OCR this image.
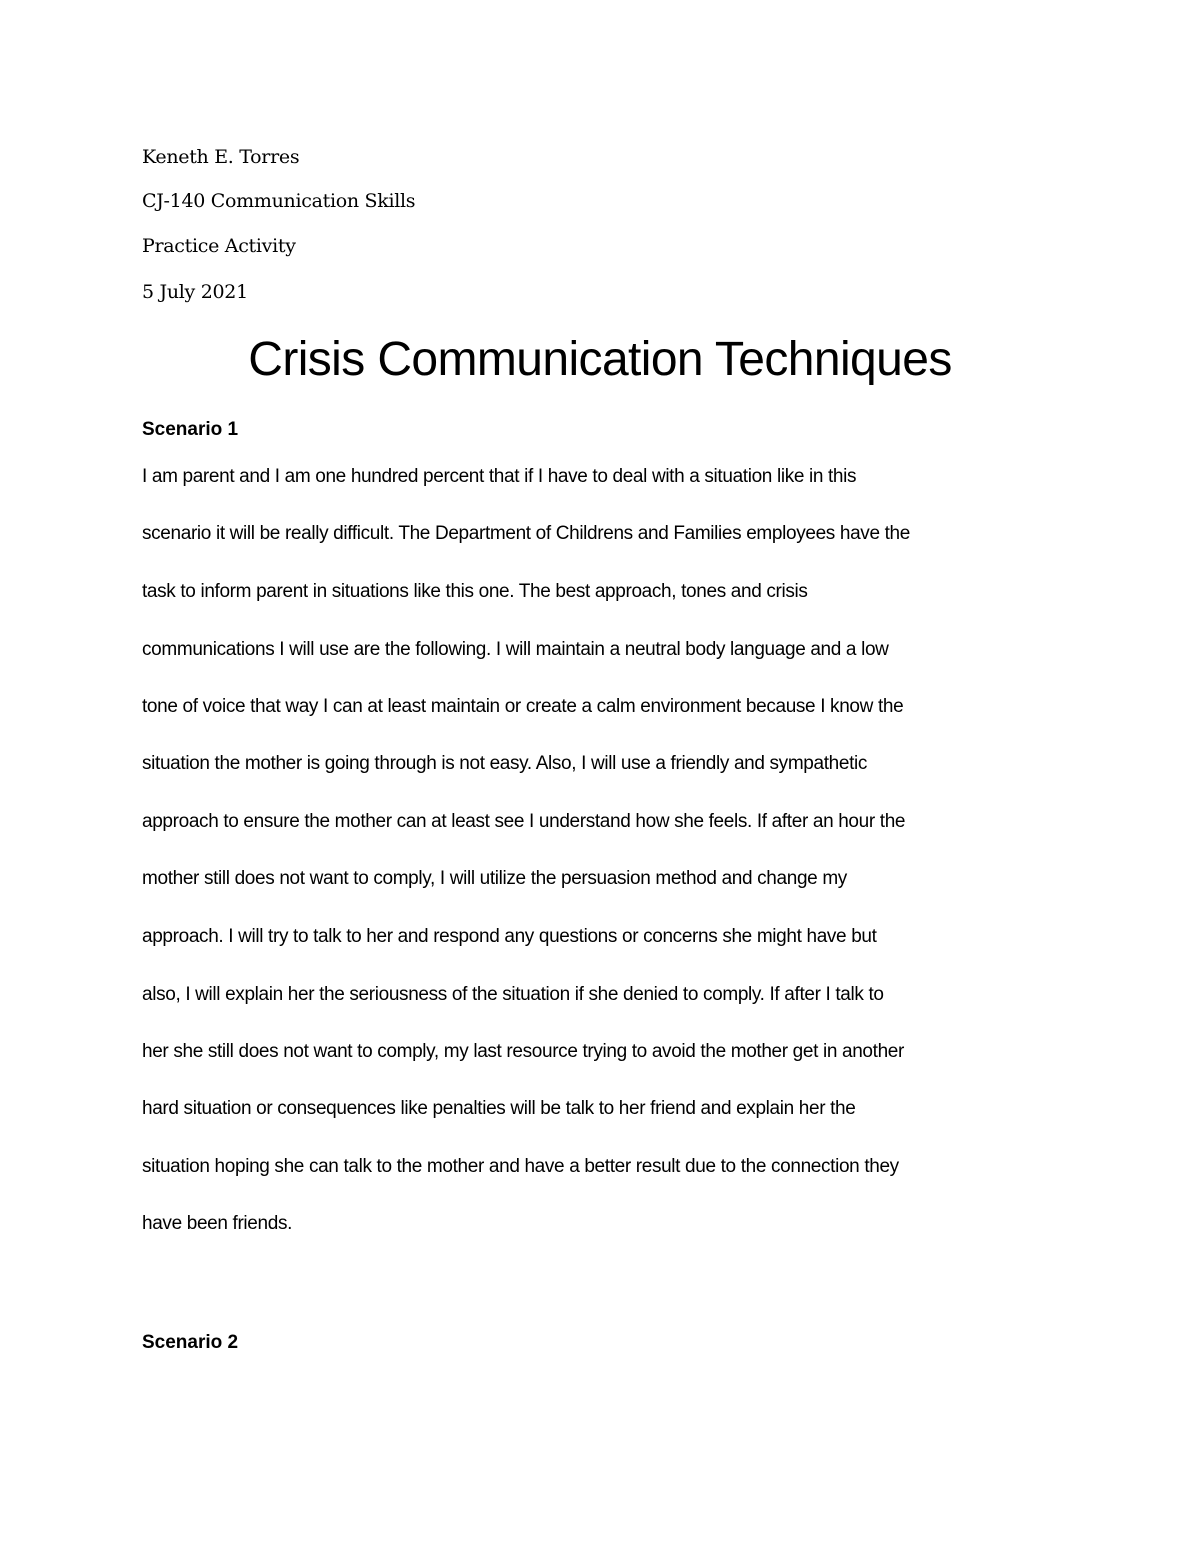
Keneth E. Torres
CJ-140 Communication Skills
Practice Activity
5 July 2021
Crisis Communication Techniques
Scenario 1
I am parent and I am one hundred percent that if I have to deal with a situation like in this
scenario it will be really difficult. The Department of Childrens and Families employees have the
task to inform parent in situations like this one. The best approach, tones and crisis
communications I will use are the following. I will maintain a neutral body language and a low
tone of voice that way I can at least maintain or create a calm environment because I know the
situation the mother is going through is not easy. Also, I will use a friendly and sympathetic
approach to ensure the mother can at least see I understand how she feels. If after an hour the
mother still does not want to comply, I will utilize the persuasion method and change my
approach. I will try to talk to her and respond any questions or concerns she might have but
also, I will explain her the seriousness of the situation if she denied to comply. If after I talk to
her she still does not want to comply, my last resource trying to avoid the mother get in another
hard situation or consequences like penalties will be talk to her friend and explain her the
situation hoping she can talk to the mother and have a better result due to the connection they
have been friends.
Scenario 2
